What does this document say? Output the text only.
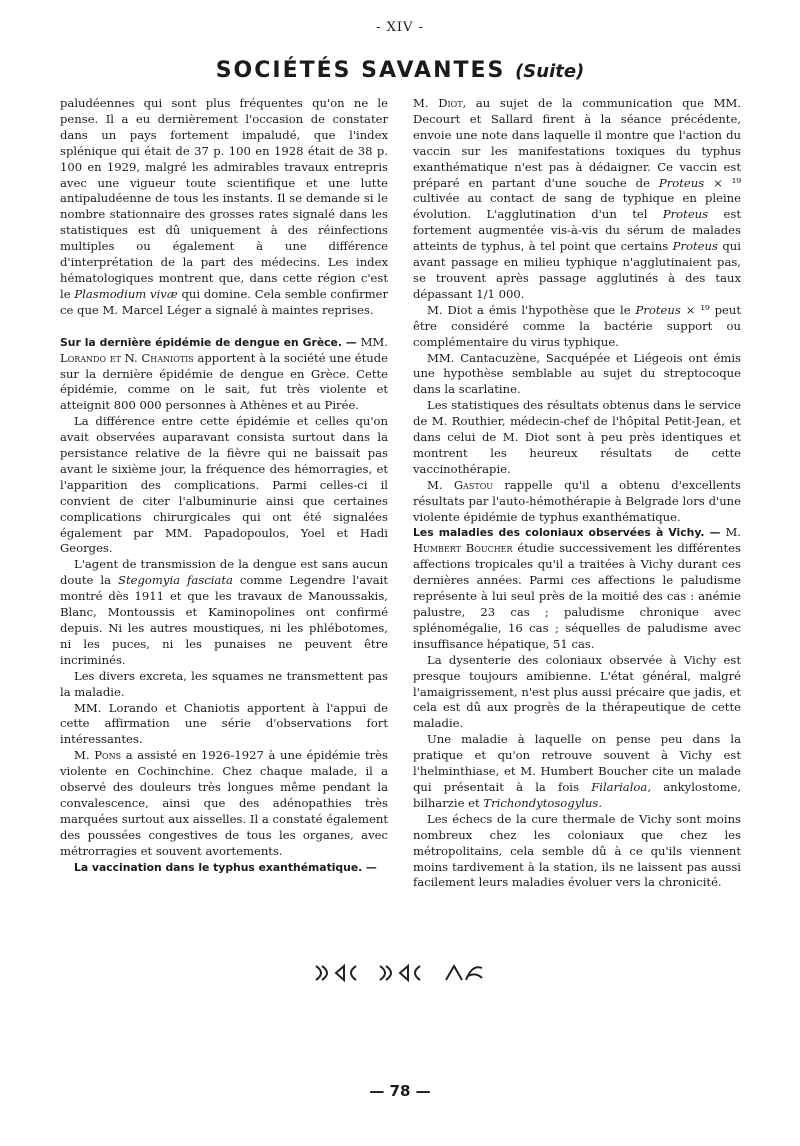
- XIV -
SOCIÉTÉS SAVANTES (Suite)

paludéennes qui sont plus fréquentes qu'on ne le pense. Il a eu dernièrement l'occasion de constater dans un pays fortement impaludé, que l'index splénique qui était de 37 p. 100 en 1928 était de 38 p. 100 en 1929, malgré les admirables travaux entrepris avec une vigueur toute scientifique et une lutte antipaludéenne de tous les instants. Il se demande si le nombre stationnaire des grosses rates signalé dans les statistiques est dû uniquement à des réinfections multiples ou également à une différence d'interprétation de la part des médecins. Les index hématologiques montrent que, dans cette région c'est le Plasmodium vivæ qui domine. Cela semble confirmer ce que M. Marcel Léger a signalé à maintes reprises.

Sur la dernière épidémie de dengue en Grèce. — MM. Lorando et N. Chaniotis apportent à la société une étude sur la dernière épidémie de dengue en Grèce. Cette épidémie, comme on le sait, fut très violente et atteignit 800 000 personnes à Athènes et au Pirée.

La différence entre cette épidémie et celles qu'on avait observées auparavant consista surtout dans la persistance relative de la fièvre qui ne baissait pas avant le sixième jour, la fréquence des hémorragies, et l'apparition des complications. Parmi celles-ci il convient de citer l'albuminurie ainsi que certaines complications chirurgicales qui ont été signalées également par MM. Papadopoulos, Yoel et Hadi Georges.

L'agent de transmission de la dengue est sans aucun doute la Stegomyia fasciata comme Legendre l'avait montré dès 1911 et que les travaux de Manoussakis, Blanc, Montoussis et Kaminopolines ont confirmé depuis. Ni les autres moustiques, ni les phlébotomes, ni les puces, ni les punaises ne peuvent être incriminés.

Les divers excreta, les squames ne transmettent pas la maladie.

MM. Lorando et Chaniotis apportent à l'appui de cette affirmation une série d'observations fort intéressantes.

M. Pons a assisté en 1926-1927 à une épidémie très violente en Cochinchine. Chez chaque malade, il a observé des douleurs très longues même pendant la convalescence, ainsi que des adénopathies très marquées surtout aux aisselles. Il a constaté également des poussées congestives de tous les organes, avec métrorragies et souvent avortements.

La vaccination dans le typhus exanthématique. —

M. Diot, au sujet de la communication que MM. Decourt et Sallard firent à la séance précédente, envoie une note dans laquelle il montre que l'action du vaccin sur les manifestations toxiques du typhus exanthématique n'est pas à dédaigner. Ce vaccin est préparé en partant d'une souche de Proteus × ¹⁹ cultivée au contact de sang de typhique en pleine évolution. L'agglutination d'un tel Proteus est fortement augmentée vis-à-vis du sérum de malades atteints de typhus, à tel point que certains Proteus qui avant passage en milieu typhique n'agglutinaient pas, se trouvent après passage agglutinés à des taux dépassant 1/1 000.

M. Diot a émis l'hypothèse que le Proteus × ¹⁹ peut être considéré comme la bactérie support ou complémentaire du virus typhique.

MM. Cantacuzène, Sacquépée et Liégeois ont émis une hypothèse semblable au sujet du streptocoque dans la scarlatine.

Les statistiques des résultats obtenus dans le service de M. Routhier, médecin-chef de l'hôpital Petit-Jean, et dans celui de M. Diot sont à peu près identiques et montrent les heureux résultats de cette vaccinothérapie.

M. Gastou rappelle qu'il a obtenu d'excellents résultats par l'auto-hémothérapie à Belgrade lors d'une violente épidémie de typhus exanthématique.

Les maladies des coloniaux observées à Vichy. — M. Humbert Boucher étudie successivement les différentes affections tropicales qu'il a traitées à Vichy durant ces dernières années. Parmi ces affections le paludisme représente à lui seul près de la moitié des cas : anémie palustre, 23 cas ; paludisme chronique avec splénomégalie, 16 cas ; séquelles de paludisme avec insuffisance hépatique, 51 cas.

La dysenterie des coloniaux observée à Vichy est presque toujours amibienne. L'état général, malgré l'amaigrissement, n'est plus aussi précaire que jadis, et cela est dû aux progrès de la thérapeutique de cette maladie.

Une maladie à laquelle on pense peu dans la pratique et qu'on retrouve souvent à Vichy est l'helminthiase, et M. Humbert Boucher cite un malade qui présentait à la fois Filarialoa, ankylostome, bilharzie et Trichondytosogylus.

Les échecs de la cure thermale de Vichy sont moins nombreux chez les coloniaux que chez les métropolitains, cela semble dû à ce qu'ils viennent moins tardivement à la station, ils ne laissent pas aussi facilement leurs maladies évoluer vers la chronicité.

— 78 —
